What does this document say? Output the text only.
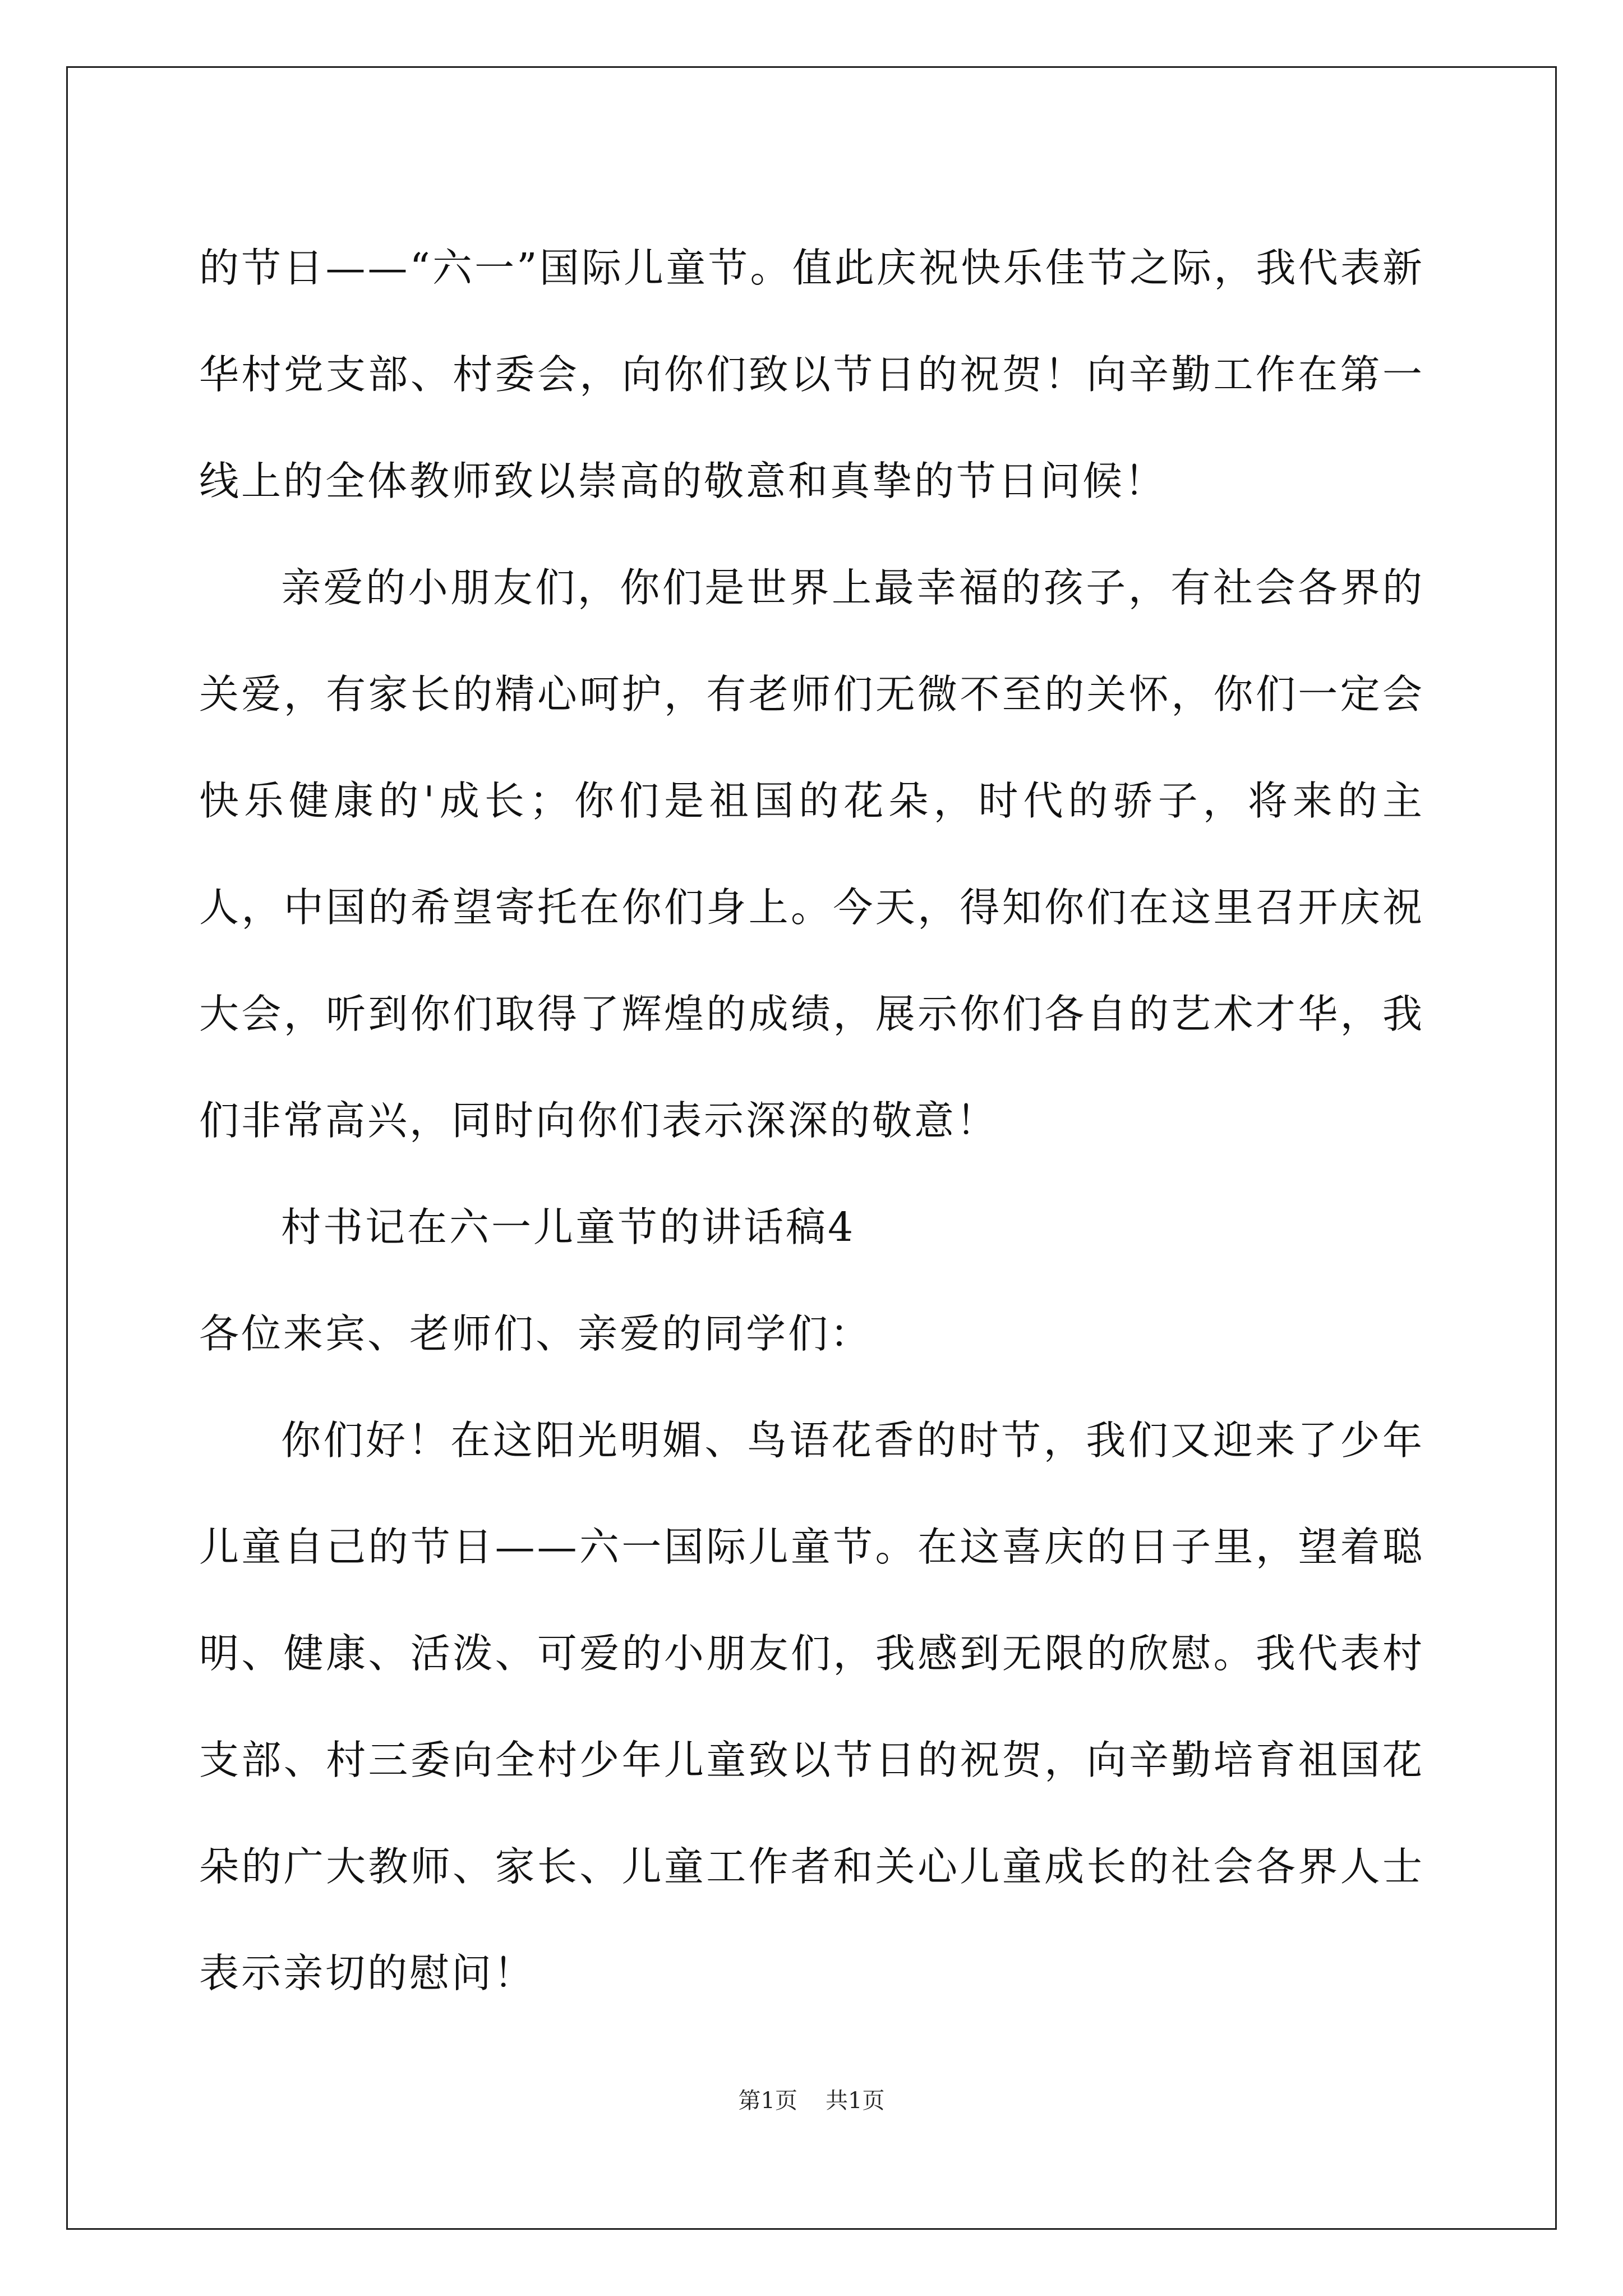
的节日——“六一”国际儿童节。值此庆祝快乐佳节之际，我代表新华村党支部、村委会，向你们致以节日的祝贺！向辛勤工作在第一线上的全体教师致以崇高的敬意和真挚的节日问候！

亲爱的小朋友们，你们是世界上最幸福的孩子，有社会各界的关爱，有家长的精心呵护，有老师们无微不至的关怀，你们一定会快乐健康的'成长；你们是祖国的花朵，时代的骄子，将来的主人，中国的希望寄托在你们身上。今天，得知你们在这里召开庆祝大会，听到你们取得了辉煌的成绩，展示你们各自的艺术才华，我们非常高兴，同时向你们表示深深的敬意！

村书记在六一儿童节的讲话稿4

各位来宾、老师们、亲爱的同学们：

你们好！在这阳光明媚、鸟语花香的时节，我们又迎来了少年儿童自己的节日——六一国际儿童节。在这喜庆的日子里，望着聪明、健康、活泼、可爱的小朋友们，我感到无限的欣慰。我代表村支部、村三委向全村少年儿童致以节日的祝贺，向辛勤培育祖国花朵的广大教师、家长、儿童工作者和关心儿童成长的社会各界人士表示亲切的慰问！

第1页 共1页
